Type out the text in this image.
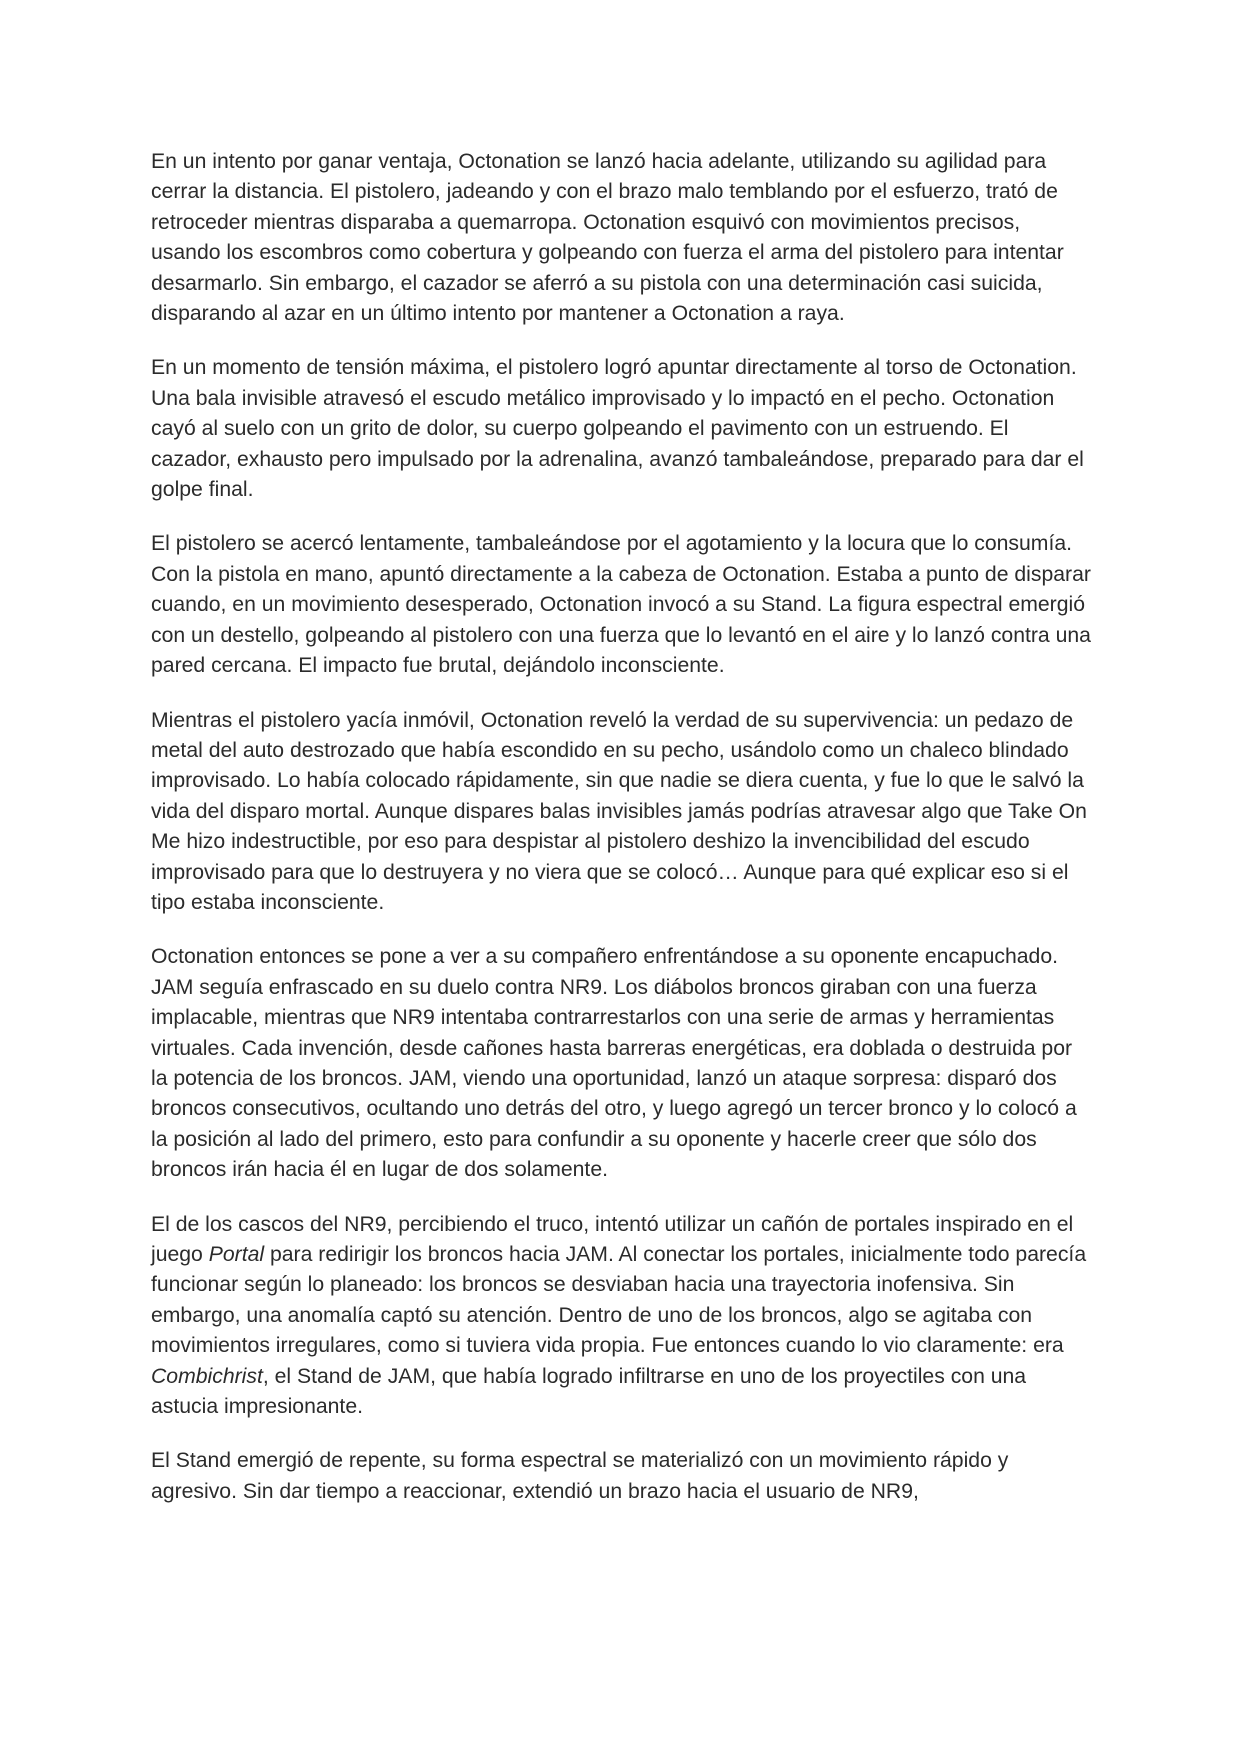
En un intento por ganar ventaja, Octonation se lanzó hacia adelante, utilizando su agilidad para cerrar la distancia. El pistolero, jadeando y con el brazo malo temblando por el esfuerzo, trató de retroceder mientras disparaba a quemarropa. Octonation esquivó con movimientos precisos, usando los escombros como cobertura y golpeando con fuerza el arma del pistolero para intentar desarmarlo. Sin embargo, el cazador se aferró a su pistola con una determinación casi suicida, disparando al azar en un último intento por mantener a Octonation a raya.

En un momento de tensión máxima, el pistolero logró apuntar directamente al torso de Octonation. Una bala invisible atravesó el escudo metálico improvisado y lo impactó en el pecho. Octonation cayó al suelo con un grito de dolor, su cuerpo golpeando el pavimento con un estruendo. El cazador, exhausto pero impulsado por la adrenalina, avanzó tambaleándose, preparado para dar el golpe final.

El pistolero se acercó lentamente, tambaleándose por el agotamiento y la locura que lo consumía. Con la pistola en mano, apuntó directamente a la cabeza de Octonation. Estaba a punto de disparar cuando, en un movimiento desesperado, Octonation invocó a su Stand. La figura espectral emergió con un destello, golpeando al pistolero con una fuerza que lo levantó en el aire y lo lanzó contra una pared cercana. El impacto fue brutal, dejándolo inconsciente.

Mientras el pistolero yacía inmóvil, Octonation reveló la verdad de su supervivencia: un pedazo de metal del auto destrozado que había escondido en su pecho, usándolo como un chaleco blindado improvisado. Lo había colocado rápidamente, sin que nadie se diera cuenta, y fue lo que le salvó la vida del disparo mortal. Aunque dispares balas invisibles jamás podrías atravesar algo que Take On Me hizo indestructible, por eso para despistar al pistolero deshizo la invencibilidad del escudo improvisado para que lo destruyera y no viera que se colocó… Aunque para qué explicar eso si el tipo estaba inconsciente.

Octonation entonces se pone a ver a su compañero enfrentándose a su oponente encapuchado. JAM seguía enfrascado en su duelo contra NR9. Los diábolos broncos giraban con una fuerza implacable, mientras que NR9 intentaba contrarrestarlos con una serie de armas y herramientas virtuales. Cada invención, desde cañones hasta barreras energéticas, era doblada o destruida por la potencia de los broncos. JAM, viendo una oportunidad, lanzó un ataque sorpresa: disparó dos broncos consecutivos, ocultando uno detrás del otro, y luego agregó un tercer bronco y lo colocó a la posición al lado del primero, esto para confundir a su oponente y hacerle creer que sólo dos broncos irán hacia él en lugar de dos solamente.

El de los cascos del NR9, percibiendo el truco, intentó utilizar un cañón de portales inspirado en el juego Portal para redirigir los broncos hacia JAM. Al conectar los portales, inicialmente todo parecía funcionar según lo planeado: los broncos se desviaban hacia una trayectoria inofensiva. Sin embargo, una anomalía captó su atención. Dentro de uno de los broncos, algo se agitaba con movimientos irregulares, como si tuviera vida propia. Fue entonces cuando lo vio claramente: era Combichrist, el Stand de JAM, que había logrado infiltrarse en uno de los proyectiles con una astucia impresionante.

El Stand emergió de repente, su forma espectral se materializó con un movimiento rápido y agresivo. Sin dar tiempo a reaccionar, extendió un brazo hacia el usuario de NR9,
